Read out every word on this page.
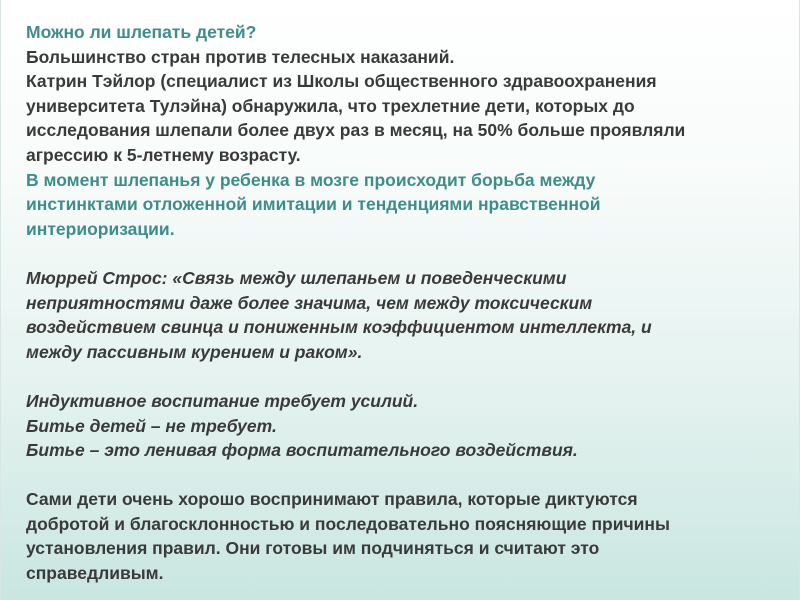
Можно ли шлепать детей?
Большинство стран против телесных наказаний.
Катрин Тэйлор (специалист из Школы общественного здравоохранения
университета Тулэйна) обнаружила, что трехлетние дети, которых до
исследования шлепали более двух раз в месяц, на 50% больше проявляли
агрессию к 5-летнему возрасту.
В момент шлепанья у ребенка в мозге происходит борьба между
инстинктами отложенной имитации и тенденциями нравственной
интериоризации.
Мюррей Строс: «Связь между шлепаньем и поведенческими
неприятностями даже более значима, чем между токсическим
воздействием свинца и пониженным коэффициентом интеллекта, и
между пассивным курением и раком».
Индуктивное воспитание требует усилий.
Битье детей – не требует.
Битье – это ленивая форма воспитательного воздействия.
Сами дети очень хорошо воспринимают правила, которые диктуются
добротой и благосклонностью и последовательно поясняющие причины
установления правил. Они готовы им подчиняться и считают это
справедливым.
